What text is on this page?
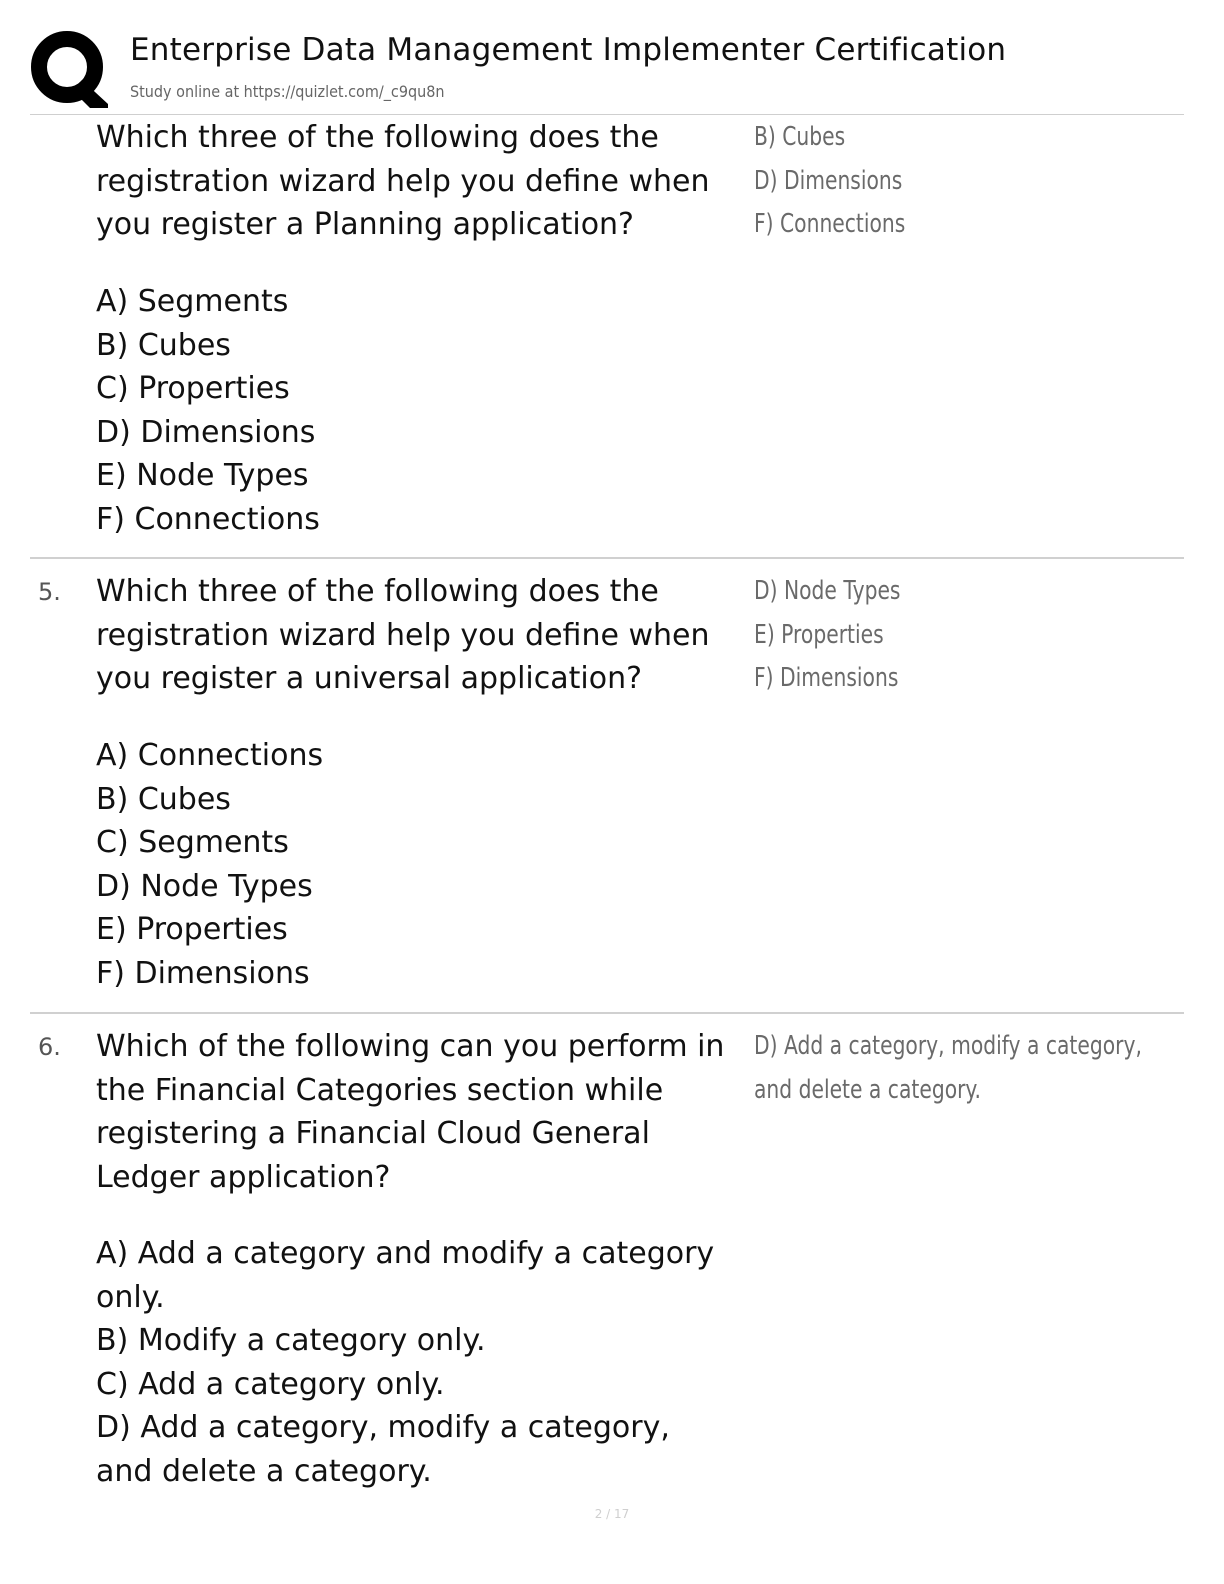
Enterprise Data Management Implementer Certification
Study online at https://quizlet.com/_c9qu8n
Which three of the following does the registration wizard help you define when you register a Planning application?
A) Segments
B) Cubes
C) Properties
D) Dimensions
E) Node Types
F) Connections
B) Cubes
D) Dimensions
F) Connections
5. Which three of the following does the registration wizard help you define when you register a universal application?
A) Connections
B) Cubes
C) Segments
D) Node Types
E) Properties
F) Dimensions
D) Node Types
E) Properties
F) Dimensions
6. Which of the following can you perform in the Financial Categories section while registering a Financial Cloud General Ledger application?
A) Add a category and modify a category only.
B) Modify a category only.
C) Add a category only.
D) Add a category, modify a category, and delete a category.
D) Add a category, modify a category, and delete a category.
2 / 17
